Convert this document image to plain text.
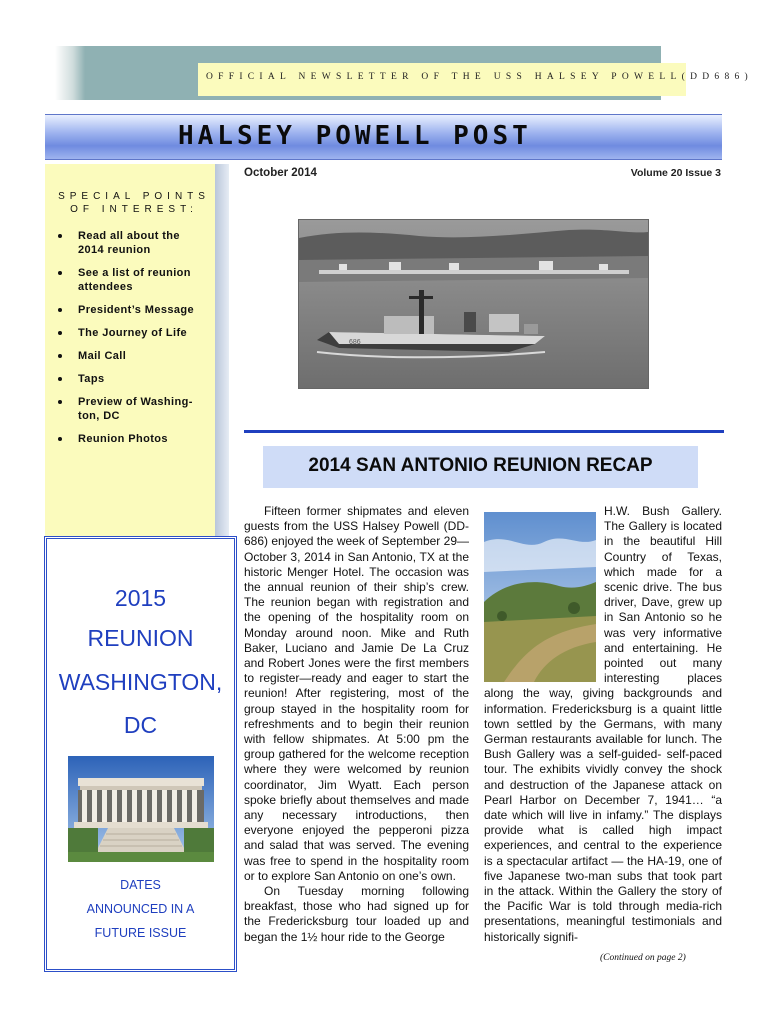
OFFICIAL NEWSLETTER OF THE USS HALSEY POWELL(DD686)
HALSEY POWELL POST
October 2014	Volume 20 Issue 3
SPECIAL POINTS
OF INTEREST:
Read all about the 2014 reunion
See a list of reunion attendees
President’s Message
The Journey of Life
Mail Call
Taps
Preview of Washing-ton, DC
Reunion Photos
2015
REUNION
WASHINGTON,
DC
DATES
ANNOUNCED IN A
FUTURE ISSUE
686
2014 SAN ANTONIO REUNION RECAP
Fifteen former shipmates and eleven guests from the USS Halsey Powell (DD-686) enjoyed the week of September 29—October 3, 2014 in San Antonio, TX at the historic Menger Hotel. The occasion was the annual reunion of their ship’s crew. The reunion began with registration and the opening of the hospitality room on Monday around noon. Mike and Ruth Baker, Luciano and Jamie De La Cruz and Robert Jones were the first members to register—ready and eager to start the reunion! After registering, most of the group stayed in the hospitality room for refreshments and to begin their reunion with fellow shipmates. At 5:00 pm the group gathered for the welcome reception where they were welcomed by reunion coordinator, Jim Wyatt. Each person spoke briefly about themselves and made any necessary introductions, then everyone enjoyed the pepperoni pizza and salad that was served. The evening was free to spend in the hospitality room or to explore San Antonio on one’s own.
On Tuesday morning following breakfast, those who had signed up for the Fredericksburg tour loaded up and began the 1½ hour ride to the George
H.W. Bush Gallery. The Gallery is located in the beautiful Hill Country of Texas, which made for a scenic drive. The bus driver, Dave, grew up in San Antonio so he was very informative and entertaining. He pointed out many interesting places along the way, giving backgrounds and information. Fredericksburg is a quaint little town settled by the Germans, with many German restaurants available for lunch. The Bush Gallery was a self-guided- self-paced tour. The exhibits vividly convey the shock and destruction of the Japanese attack on Pearl Harbor on December 7, 1941… “a date which will live in infamy.” The displays provide what is called high impact experiences, and central to the experience is a spectacular artifact — the HA-19, one of five Japanese two-man subs that took part in the attack. Within the Gallery the story of the Pacific War is told through media-rich presentations, meaningful testimonials and historically signifi-
(Continued on page 2)
